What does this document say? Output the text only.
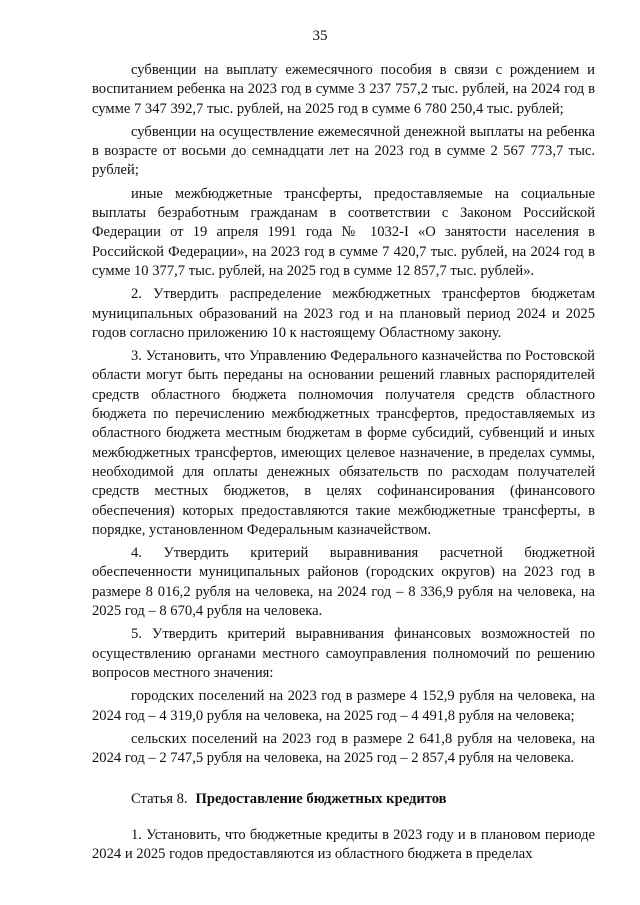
35

субвенции на выплату ежемесячного пособия в связи с рождением и воспитанием ребенка на 2023 год в сумме 3 237 757,2 тыс. рублей, на 2024 год в сумме 7 347 392,7 тыс. рублей, на 2025 год в сумме 6 780 250,4 тыс. рублей;

субвенции на осуществление ежемесячной денежной выплаты на ребенка в возрасте от восьми до семнадцати лет на 2023 год в сумме 2 567 773,7 тыс. рублей;

иные межбюджетные трансферты, предоставляемые на социальные выплаты безработным гражданам в соответствии с Законом Российской Федерации от 19 апреля 1991 года № 1032-I «О занятости населения в Российской Федерации», на 2023 год в сумме 7 420,7 тыс. рублей, на 2024 год в сумме 10 377,7 тыс. рублей, на 2025 год в сумме 12 857,7 тыс. рублей».

2. Утвердить распределение межбюджетных трансфертов бюджетам муниципальных образований на 2023 год и на плановый период 2024 и 2025 годов согласно приложению 10 к настоящему Областному закону.

3. Установить, что Управлению Федерального казначейства по Ростовской области могут быть переданы на основании решений главных распорядителей средств областного бюджета полномочия получателя средств областного бюджета по перечислению межбюджетных трансфертов, предоставляемых из областного бюджета местным бюджетам в форме субсидий, субвенций и иных межбюджетных трансфертов, имеющих целевое назначение, в пределах суммы, необходимой для оплаты денежных обязательств по расходам получателей средств местных бюджетов, в целях софинансирования (финансового обеспечения) которых предоставляются такие межбюджетные трансферты, в порядке, установленном Федеральным казначейством.

4. Утвердить критерий выравнивания расчетной бюджетной обеспеченности муниципальных районов (городских округов) на 2023 год в размере 8 016,2 рубля на человека, на 2024 год – 8 336,9 рубля на человека, на 2025 год – 8 670,4 рубля на человека.

5. Утвердить критерий выравнивания финансовых возможностей по осуществлению органами местного самоуправления полномочий по решению вопросов местного значения:

городских поселений на 2023 год в размере 4 152,9 рубля на человека, на 2024 год – 4 319,0 рубля на человека, на 2025 год – 4 491,8 рубля на человека;

сельских поселений на 2023 год в размере 2 641,8 рубля на человека, на 2024 год – 2 747,5 рубля на человека, на 2025 год – 2 857,4 рубля на человека.

Статья 8. Предоставление бюджетных кредитов

1. Установить, что бюджетные кредиты в 2023 году и в плановом периоде 2024 и 2025 годов предоставляются из областного бюджета в пределах
